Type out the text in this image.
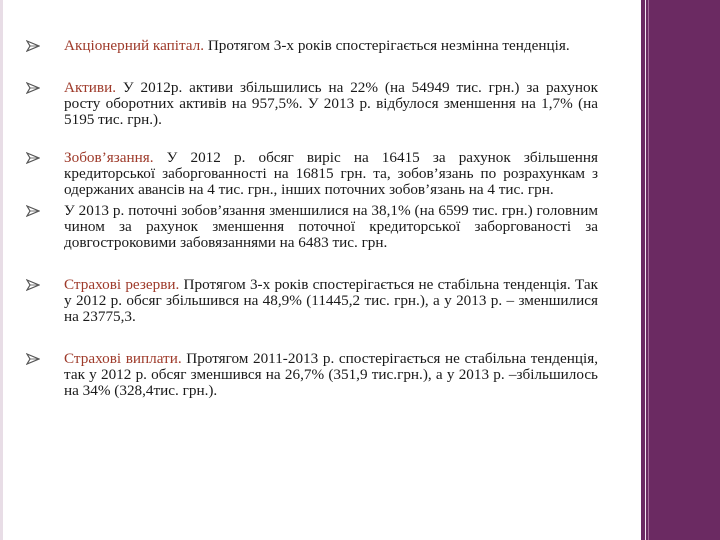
Акціонерний капітал. Протягом 3-х років спостерігається незмінна тенденція.

Активи. У 2012р. активи збільшились на 22% (на 54949 тис. грн.) за рахунок росту оборотних активів на 957,5%. У 2013 р. відбулося зменшення на 1,7% (на 5195 тис. грн.).

Зобов’язання. У 2012 р. обсяг виріс на 16415 за рахунок збільшення кредиторської заборгованності на 16815 грн. та, зобов’язань по розрахункам з одержаних авансів на 4 тис. грн., інших поточних зобов’язань на 4 тис. грн.

У 2013 р. поточні зобов’язання зменшилися на 38,1% (на 6599 тис. грн.) головним чином за рахунок зменшення поточної кредиторської заборгованості за довгостроковими забовязаннями на 6483 тис. грн.

Страхові резерви. Протягом 3-х років спостерігається не стабільна тенденція. Так у 2012 р. обсяг збільшився на 48,9% (11445,2 тис. грн.), а у 2013 р. – зменшилися на 23775,3.

Страхові виплати. Протягом 2011-2013 р. спостерігається не стабільна тенденція, так у 2012 р. обсяг зменшився на 26,7% (351,9 тис.грн.), а у 2013 р. –збільшилось на 34% (328,4тис. грн.).
